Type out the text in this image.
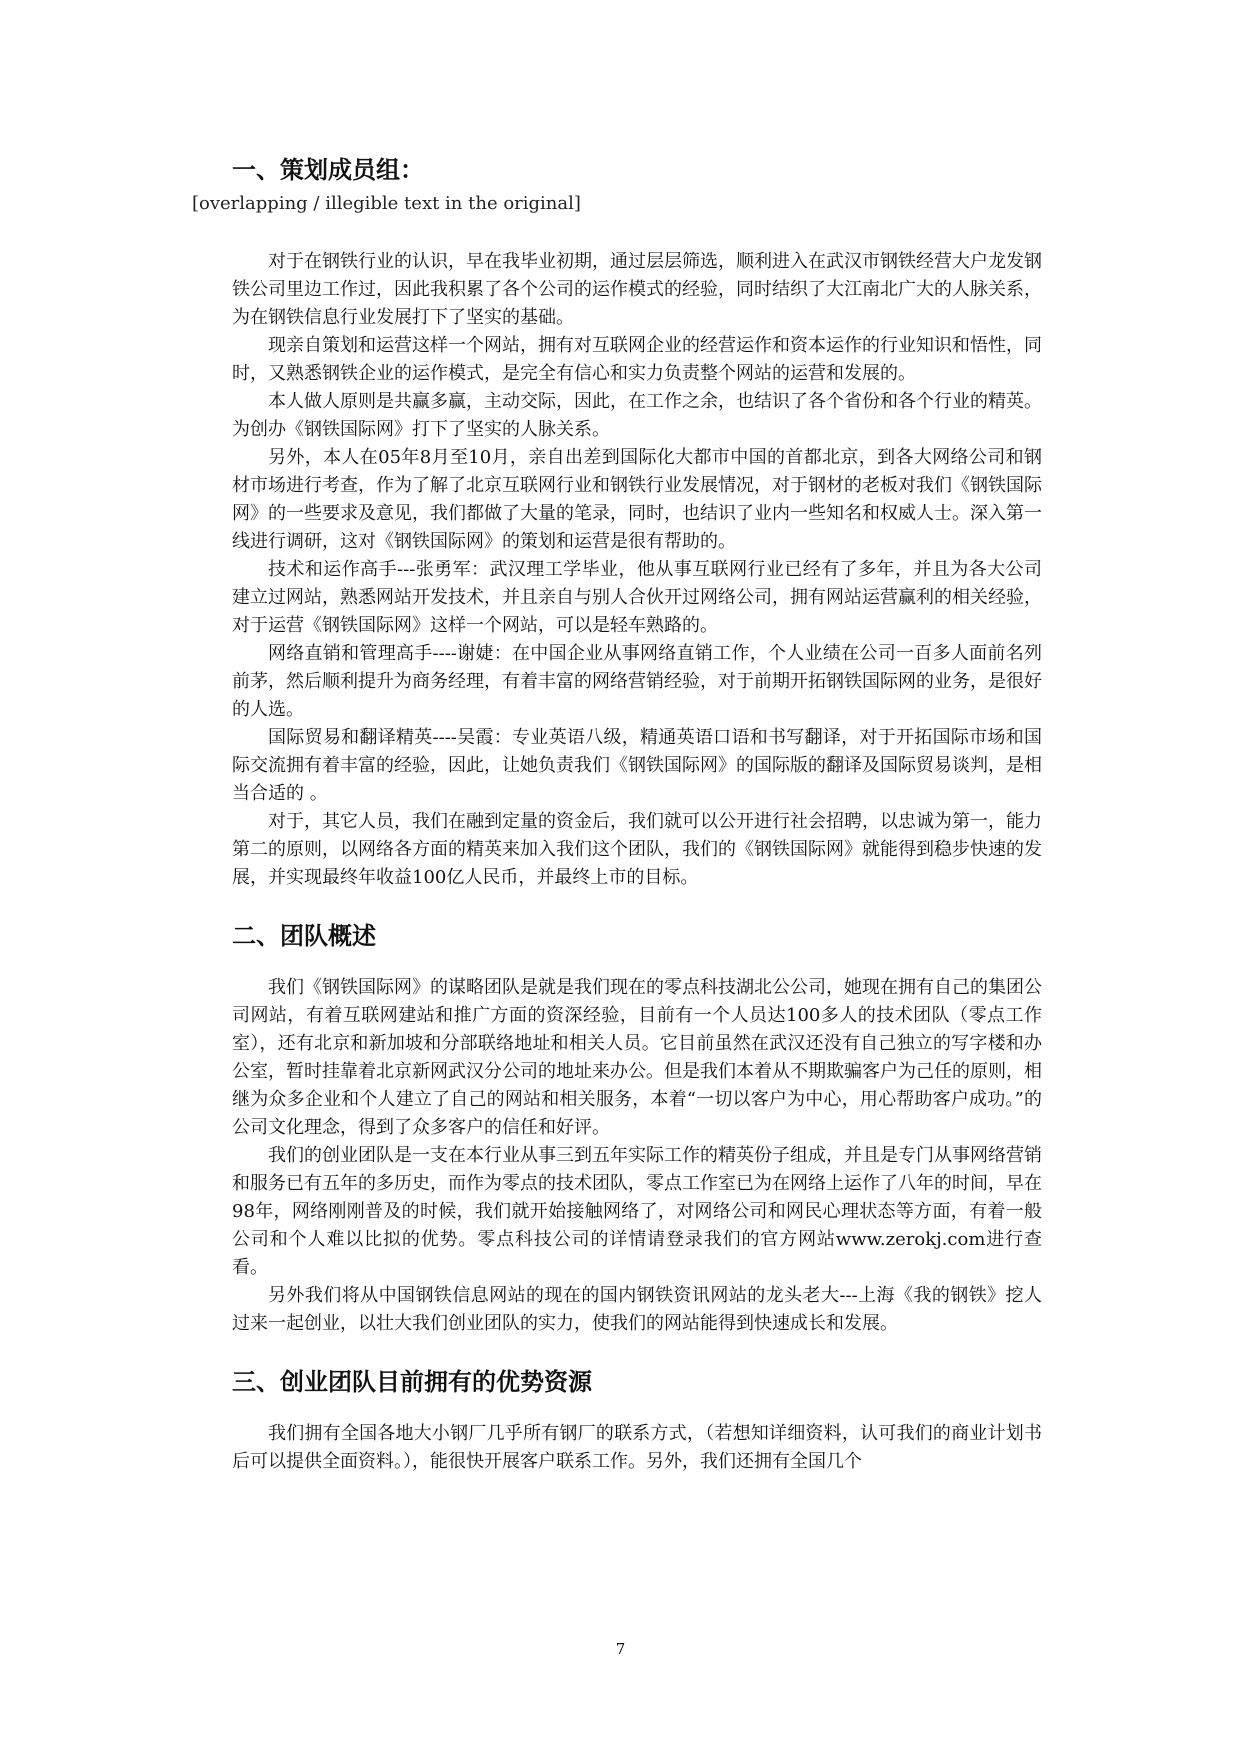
一、策划成员组：
[overlapping / illegible text in the original]

对于在钢铁行业的认识，早在我毕业初期，通过层层筛选，顺利进入在武汉市钢铁经营大户龙发钢铁公司里边工作过，因此我积累了各个公司的运作模式的经验，同时结织了大江南北广大的人脉关系，为在钢铁信息行业发展打下了坚实的基础。

现亲自策划和运营这样一个网站，拥有对互联网企业的经营运作和资本运作的行业知识和悟性，同时，又熟悉钢铁企业的运作模式，是完全有信心和实力负责整个网站的运营和发展的。

本人做人原则是共赢多赢，主动交际，因此，在工作之余，也结识了各个省份和各个行业的精英。为创办《钢铁国际网》打下了坚实的人脉关系。

另外，本人在05年8月至10月，亲自出差到国际化大都市中国的首都北京，到各大网络公司和钢材市场进行考查，作为了解了北京互联网行业和钢铁行业发展情况，对于钢材的老板对我们《钢铁国际网》的一些要求及意见，我们都做了大量的笔录，同时，也结识了业内一些知名和权威人士。深入第一线进行调研，这对《钢铁国际网》的策划和运营是很有帮助的。

技术和运作高手---张勇军：武汉理工学毕业，他从事互联网行业已经有了多年，并且为各大公司建立过网站，熟悉网站开发技术，并且亲自与别人合伙开过网络公司，拥有网站运营赢利的相关经验，对于运营《钢铁国际网》这样一个网站，可以是轻车熟路的。

网络直销和管理高手----谢婕：在中国企业从事网络直销工作，个人业绩在公司一百多人面前名列前茅，然后顺利提升为商务经理，有着丰富的网络营销经验，对于前期开拓钢铁国际网的业务，是很好的人选。

国际贸易和翻译精英----吴霞：专业英语八级，精通英语口语和书写翻译，对于开拓国际市场和国际交流拥有着丰富的经验，因此，让她负责我们《钢铁国际网》的国际版的翻译及国际贸易谈判，是相当合适的 。

对于，其它人员，我们在融到定量的资金后，我们就可以公开进行社会招聘，以忠诚为第一，能力第二的原则，以网络各方面的精英来加入我们这个团队，我们的《钢铁国际网》就能得到稳步快速的发展，并实现最终年收益100亿人民币，并最终上市的目标。

二、团队概述

我们《钢铁国际网》的谋略团队是就是我们现在的零点科技湖北公公司，她现在拥有自己的集团公司网站，有着互联网建站和推广方面的资深经验，目前有一个人员达100多人的技术团队（零点工作室），还有北京和新加坡和分部联络地址和相关人员。它目前虽然在武汉还没有自己独立的写字楼和办公室，暂时挂靠着北京新网武汉分公司的地址来办公。但是我们本着从不期欺骗客户为己任的原则，相继为众多企业和个人建立了自己的网站和相关服务，本着“一切以客户为中心，用心帮助客户成功。”的公司文化理念，得到了众多客户的信任和好评。

我们的创业团队是一支在本行业从事三到五年实际工作的精英份子组成，并且是专门从事网络营销和服务已有五年的多历史，而作为零点的技术团队，零点工作室已为在网络上运作了八年的时间，早在98年，网络刚刚普及的时候，我们就开始接触网络了，对网络公司和网民心理状态等方面，有着一般公司和个人难以比拟的优势。零点科技公司的详情请登录我们的官方网站www.zerokj.com进行查看。

另外我们将从中国钢铁信息网站的现在的国内钢铁资讯网站的龙头老大---上海《我的钢铁》挖人过来一起创业，以壮大我们创业团队的实力，使我们的网站能得到快速成长和发展。

三、创业团队目前拥有的优势资源

我们拥有全国各地大小钢厂几乎所有钢厂的联系方式，（若想知详细资料，认可我们的商业计划书后可以提供全面资料。），能很快开展客户联系工作。另外，我们还拥有全国几个

7
